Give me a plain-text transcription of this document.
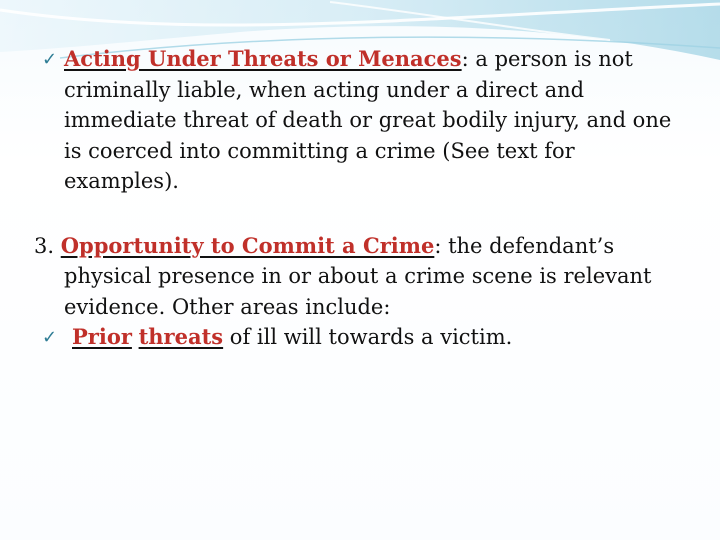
✓ Acting Under Threats or Menaces: a person is not criminally liable, when acting under a direct and immediate threat of death or great bodily injury, and one is coerced into committing a crime (See text for examples).
3. Opportunity to Commit a Crime: the defendant’s physical presence in or about a crime scene is relevant evidence. Other areas include:
✓ Prior threats of ill will towards a victim.
